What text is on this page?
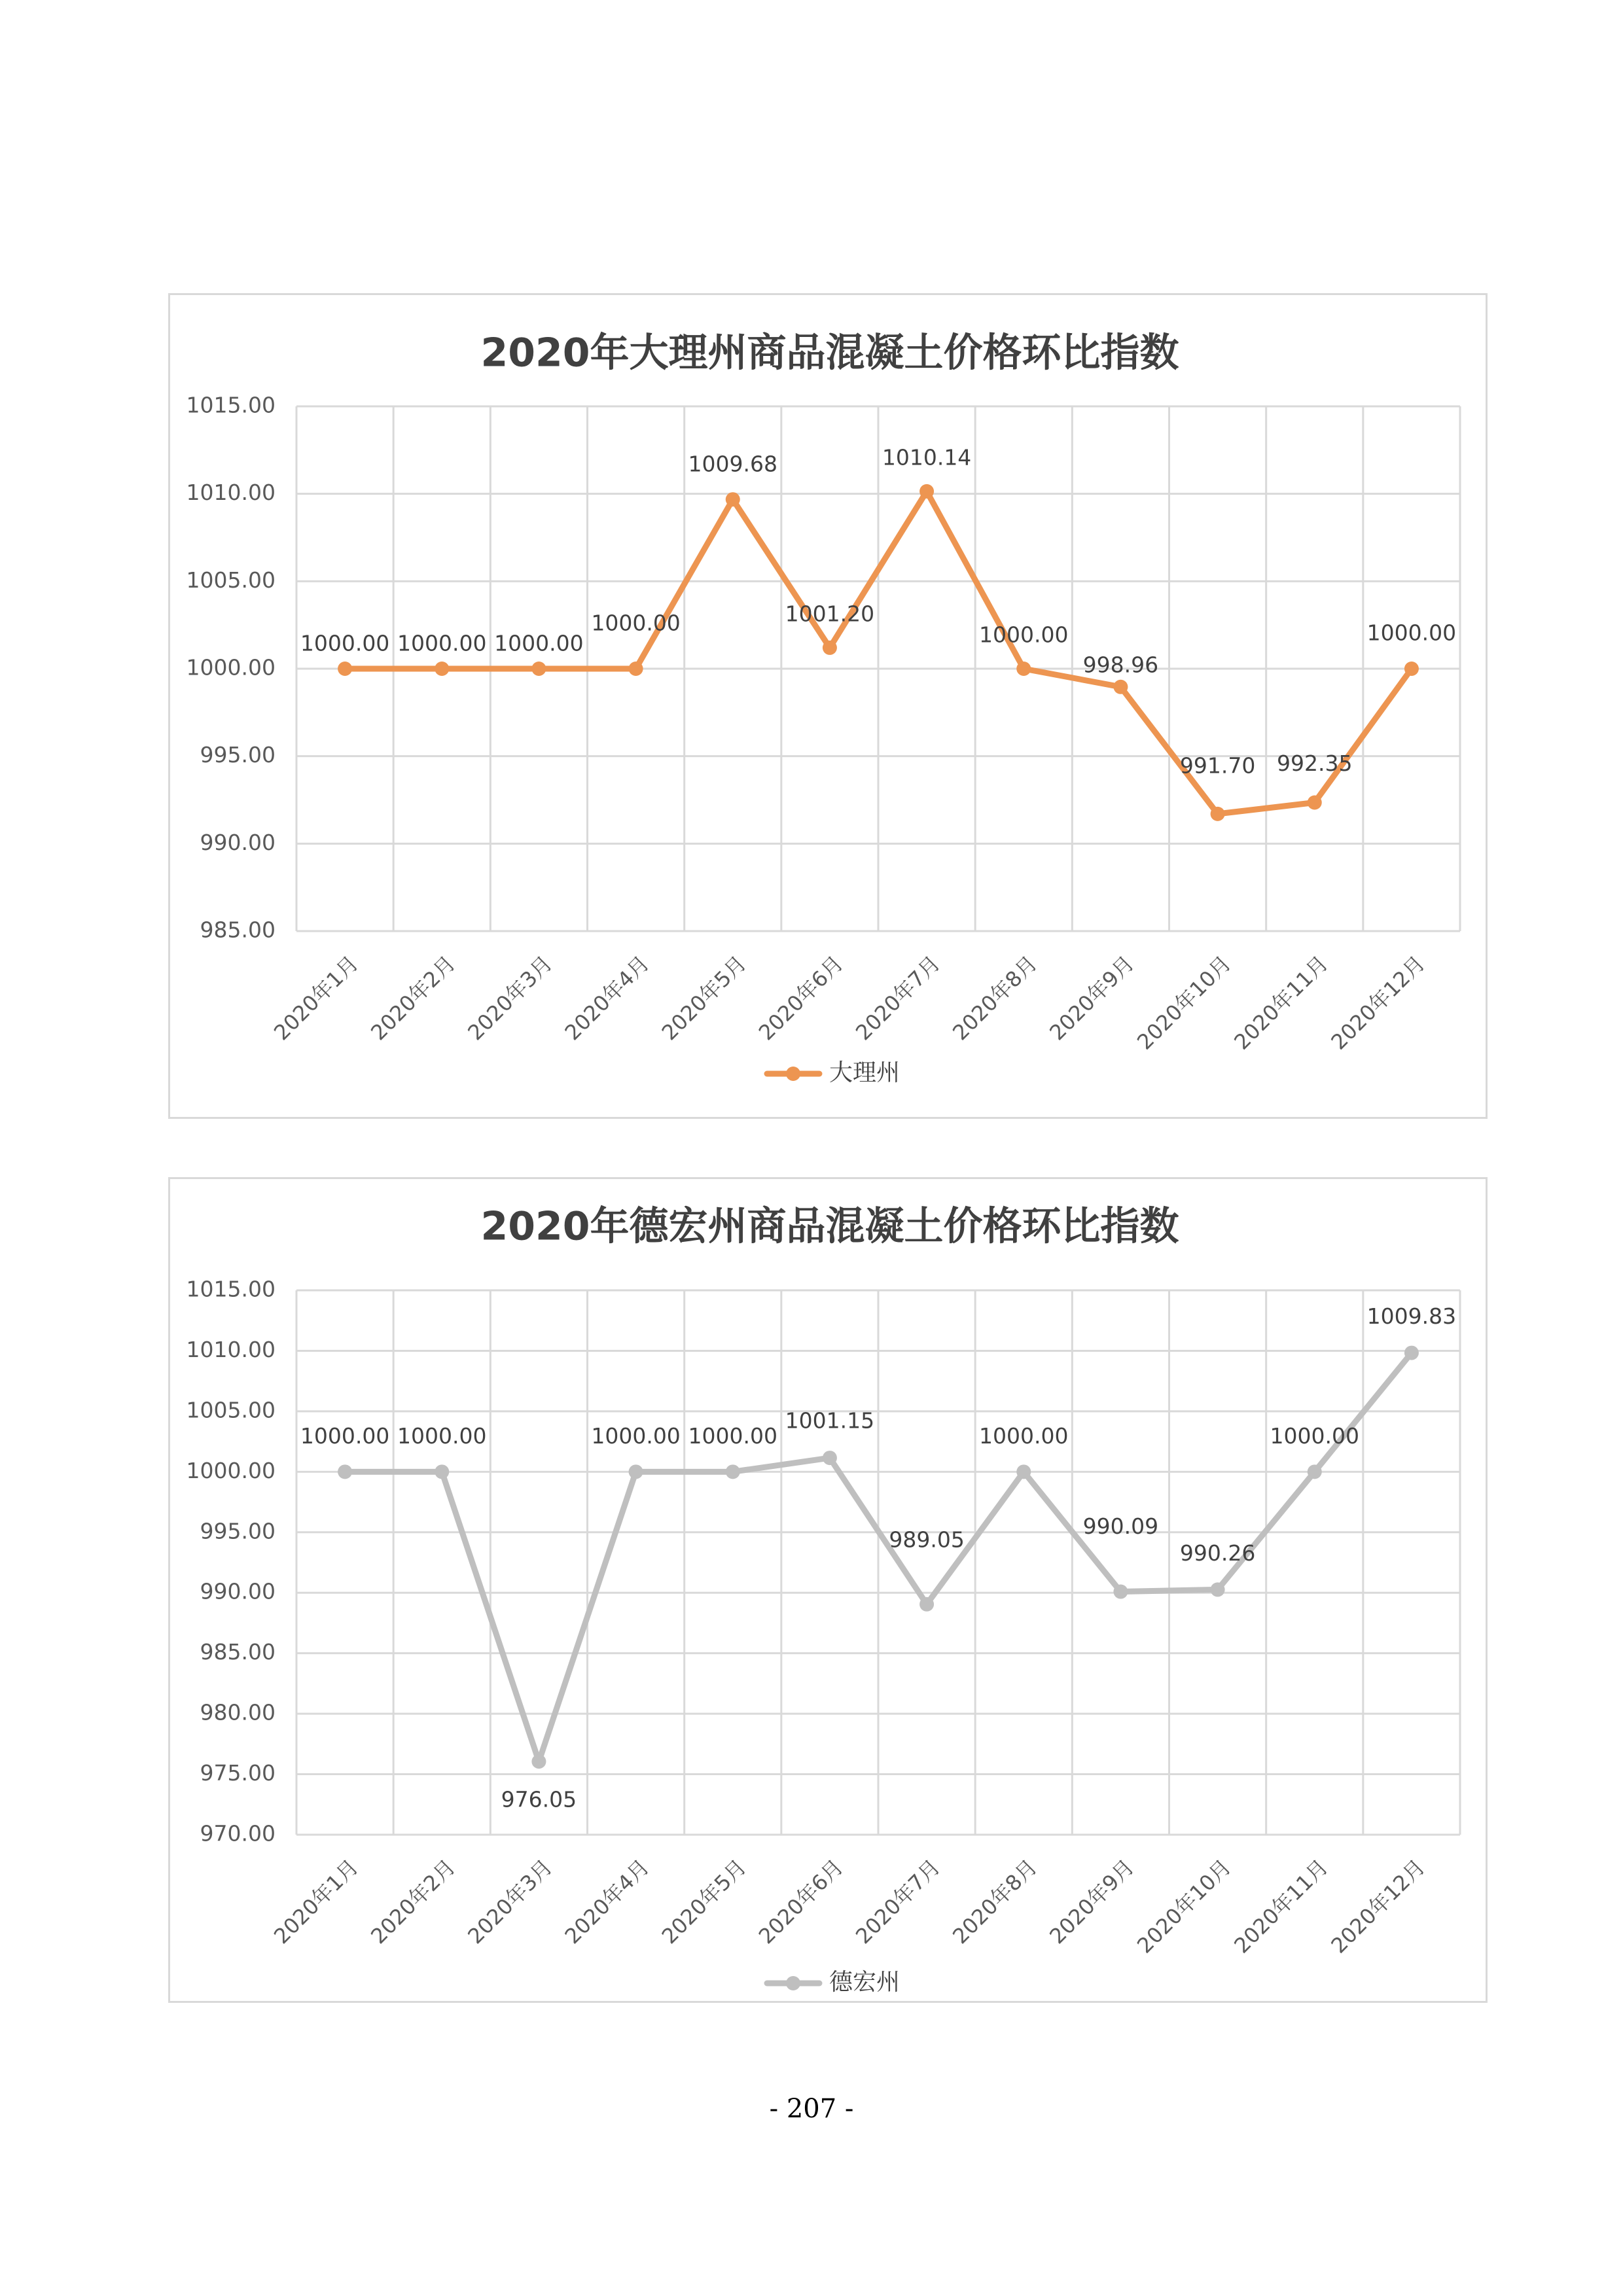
2020年大理州商品混凝土价格环比指数
985.00
990.00
995.00
1000.00
1005.00
1010.00
1015.00
2020年1月 2020年2月 2020年3月 2020年4月 2020年5月 2020年6月 2020年7月 2020年8月 2020年9月
2020年10月
2020年11月
2020年12月
1000.00 1000.00 1000.00
1000.00
1009.68
1001.20
1010.14
1000.00
998.96
991.70 992.35
1000.00
大理州
2020年德宏州商品混凝土价格环比指数
970.00
975.00
980.00
985.00
990.00
995.00
1000.00
1005.00
1010.00
1015.00
2020年1月 2020年2月 2020年3月 2020年4月 2020年5月 2020年6月 2020年7月 2020年8月 2020年9月
2020年10月
2020年11月
2020年12月
1000.00 1000.00
976.05
1000.00 1000.00
1001.15
989.05
1000.00
990.09
990.26
1000.00
1009.83
德宏州
- 207 -
